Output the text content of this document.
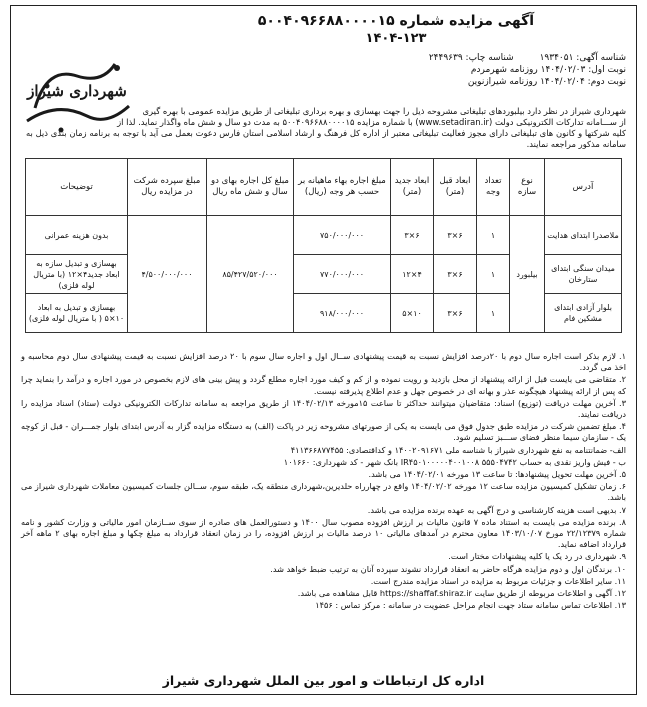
شهرداری شیراز
آگهی مزایده شماره ۵۰۰۴۰۹۶۶۸۸۰۰۰۰۱۵
۱۴۰۴-۱۲۳
شناسه آگهی: ۱۹۳۴۰۵۱شناسه چاپ: ۲۴۴۹۶۳۹
نوبت اول: ۱۴۰۴/۰۲/۰۳ روزنامه شهرمردم
نوبت دوم: ۱۴۰۴/۰۲/۰۴ روزنامه شیرازنوین
شهرداری شیراز در نظر دارد بیلبوردهای تبلیغاتی مشروحه ذیل را جهت بهسازی و بهره برداری تبلیغاتی از طریق مزایده عمومی با بهره گیری
از ســـامانه تدارکات الکترونیکی دولت (www.setadiran.ir) با شماره مزایده ۵۰۰۴۰۹۶۶۸۸۰۰۰۰۱۵ به مدت دو سال و شش ماه واگذار نماید. لذا از
کلیه شرکتها و کانون های تبلیغاتی دارای مجوز فعالیت تبلیغاتی معتبر از اداره کل فرهنگ و ارشاد اسلامی استان فارس دعوت بعمل می آید با توجه به برنامه زمان بندی ذیل به سامانه مذکور مراجعه نمایند.
آدرس	نوع سازه	تعداد وجه	ابعاد قبل (متر)	ابعاد جدید (متر)	مبلغ اجاره بهاء ماهیانه بر حسب هر وجه (ریال)	مبلغ کل اجاره بهای دو سال و شش ماه ریال	مبلغ سپرده شرکت در مزایده ریال	توضیحات
ملاصدرا ابتدای هدایت	بیلبورد	۱	۶×۳	۶×۳	۷۵۰/۰۰۰/۰۰۰	۸۵/۴۲۷/۵۲۰/۰۰۰	۴/۵۰۰/۰۰۰/۰۰۰	بدون هزینه عمرانی
میدان سنگی ابتدای ستارخان		۱	۶×۳	۴×۱۲	۷۷۰/۰۰۰/۰۰۰			بهسازی و تبدیل سازه به ابعاد جدید۴×۱۲ (با متریال لوله فلزی)
بلوار آزادی ابتدای مشکین فام		۱	۶×۳	۱۰×۵	۹۱۸/۰۰۰/۰۰۰			بهسازی و تبدیل به ابعاد ۱۰×۵ ( با متریال لوله فلزی)

۱. لازم بذکر است اجاره سال دوم با ۲۰درصد افزایش نسبت به قیمت پیشنهادی ســال اول و اجاره سال سوم با ۲۰ درصد افزایش نسبت به قیمت پیشنهادی سال دوم محاسبه و اخذ می گردد.

۲. متقاضی می بایست قبل از ارائه پیشنهاد از محل بازدید و رویت نموده و از کم و کیف مورد اجاره مطلع گردد و پیش بینی های لازم بخصوص در مورد اجاره و درآمد را بنماید چرا که پس از ارائه پیشنهاد هیچگونه عذر و بهانه ای در خصوص جهل و عدم اطلاع پذیرفته نیست.

۳. آخرین مهلت دریافت (توزیع) اسناد: متقاضیان میتوانند حداکثر تا ساعت ۱۵مورخه ۱۴۰۴/۰۲/۱۳ از طریق مراجعه به سامانه تدارکات الکترونیکی دولت (ستاد) اسناد مزایده را دریافت نمایند.

۴. مبلغ تضمین شرکت در مزایده طبق جدول فوق می بایست به یکی از صورتهای مشروحه زیر در پاکت (الف) به دستگاه مزایده گزار به آدرس ابتدای بلوار جمـــران - قبل از کوچه یک - سازمان سیما منظر فضای ســـبز تسلیم شود.

الف- ضمانتنامه به نفع شهرداری شیراز با شناسه ملی ۱۴۰۰۲۰۹۱۶۷۱ و کداقتصادی: ۴۱۱۳۶۶۸۷۷۴۵۵

ب - فیش واریز نقدی به حساب ۵۵۵۰۴۷۴۲ IR۴۵۰۱۰۰۰۰۰۴۰۰۱۰۰۸ بانک شهر - کد شهرداری: ۱۰۱۶۶۰

۵. آخرین مهلت تحویل پیشنهادها: تا ساعت ۱۳ مورخه ۱۴۰۴/۰۲/۰۱ می باشد.

۶. زمان تشکیل کمیسیون مزایده ساعت ۱۲ مورخه ۱۴۰۴/۰۲/۰۲ واقع در چهارراه حلدیرین،شهرداری منطقه یک، طبقه سوم، ســالن جلسات کمیسیون معاملات شهرداری شیراز می باشد.

۷. بدیهی است هزینه کارشناسی و درج آگهی به عهده برنده مزایده می باشد.

۸. برنده مزایده می بایست به استناد ماده ۷ قانون مالیات بر ارزش افزوده مصوب سال ۱۴۰۰ و دستورالعمل های صادره از سوی ســازمان امور مالیاتی و وزارت کشور و نامه شماره ۲۲/۱۲۳۷۹ مورخ ۱۴۰۳/۱۰/۰۷ معاون محترم در آمدهای مالیاتی ۱۰ درصد مالیات بر ارزش افزوده، را در زمان انعقاد قرارداد به مبلغ چکها و مبلغ اجاره بهای ۲ ماهه آخر قرارداد اضافه نماید.

۹. شهرداری در رد یک یا کلیه پیشنهادات مختار است.

۱۰. برندگان اول و دوم مزایده هرگاه حاضر به انعقاد قرارداد نشوند سپرده آنان به ترتیب ضبط خواهد شد.

۱۱. سایر اطلاعات و جزئیات مربوط به مزایده در اسناد مزایده مندرج است.

۱۲. آگهی و اطلاعات مربوطه از طریق سایت https://shaffaf.shiraz.ir قابل مشاهده می باشد.

۱۳. اطلاعات تماس سامانه ستاد جهت انجام مراحل عضویت در سامانه : مرکز تماس : ۱۴۵۶

اداره کل ارتباطات و امور بین الملل شهرداری شیراز
